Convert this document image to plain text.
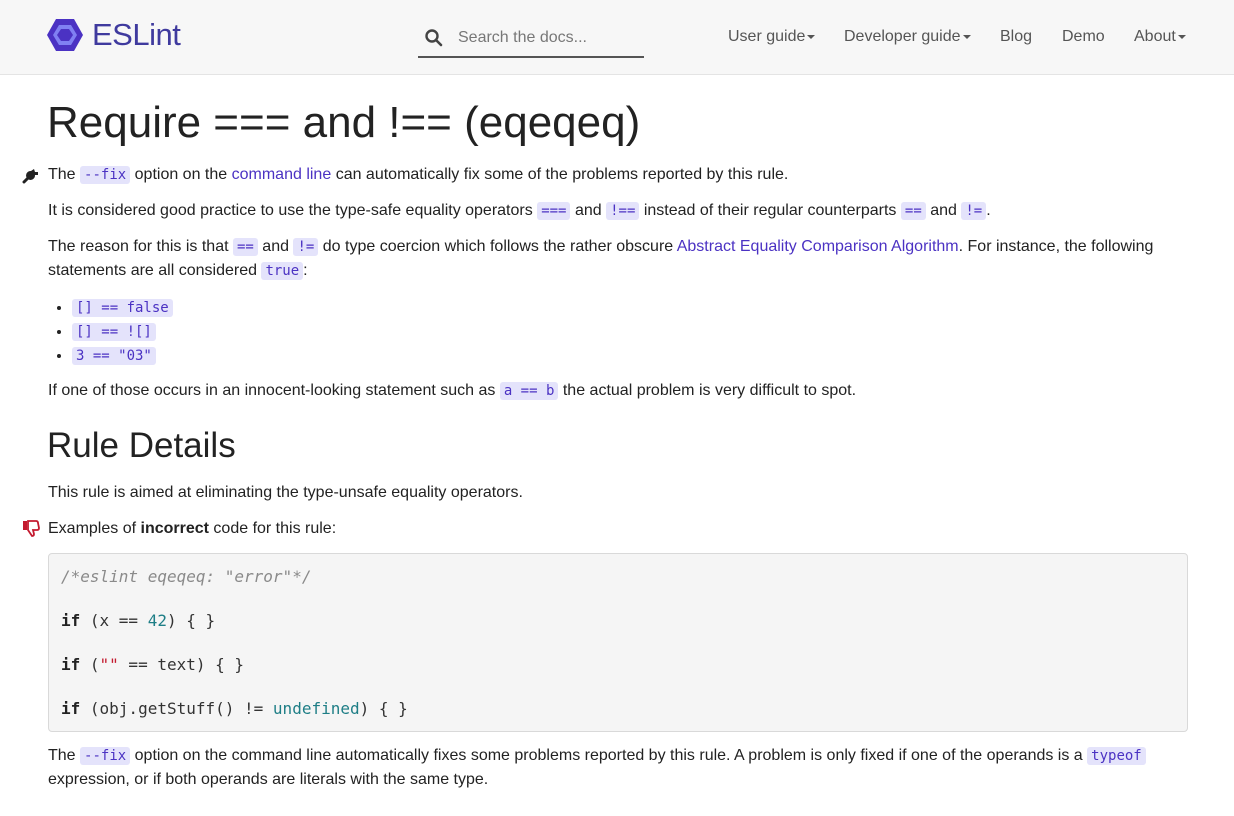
ESLint
Search the docs...	User guide	Developer guide	Blog Demo About
Require === and !== (eqeqeq)
The --fix option on the command line can automatically fix some of the problems reported by this rule.
It is considered good practice to use the type-safe equality operators === and !== instead of their regular counterparts == and != .
The reason for this is that == and != do type coercion which follows the rather obscure Abstract Equality Comparison Algorithm. For instance, the following
statements are all considered true :
• [] == false
• [] == ![]
• 3 == "03"
If one of those occurs in an innocent-looking statement such as a == b the actual problem is very difficult to spot.
Rule Details
This rule is aimed at eliminating the type-unsafe equality operators.
Examples of incorrect code for this rule:
/*eslint eqeqeq: "error"*/
if (x == 42) { }
if ("" == text) { }
if (obj.getStuff() != undefined) { }
The --fix option on the command line automatically fixes some problems reported by this rule. A problem is only fixed if one of the operands is a typeof
expression, or if both operands are literals with the same type.
